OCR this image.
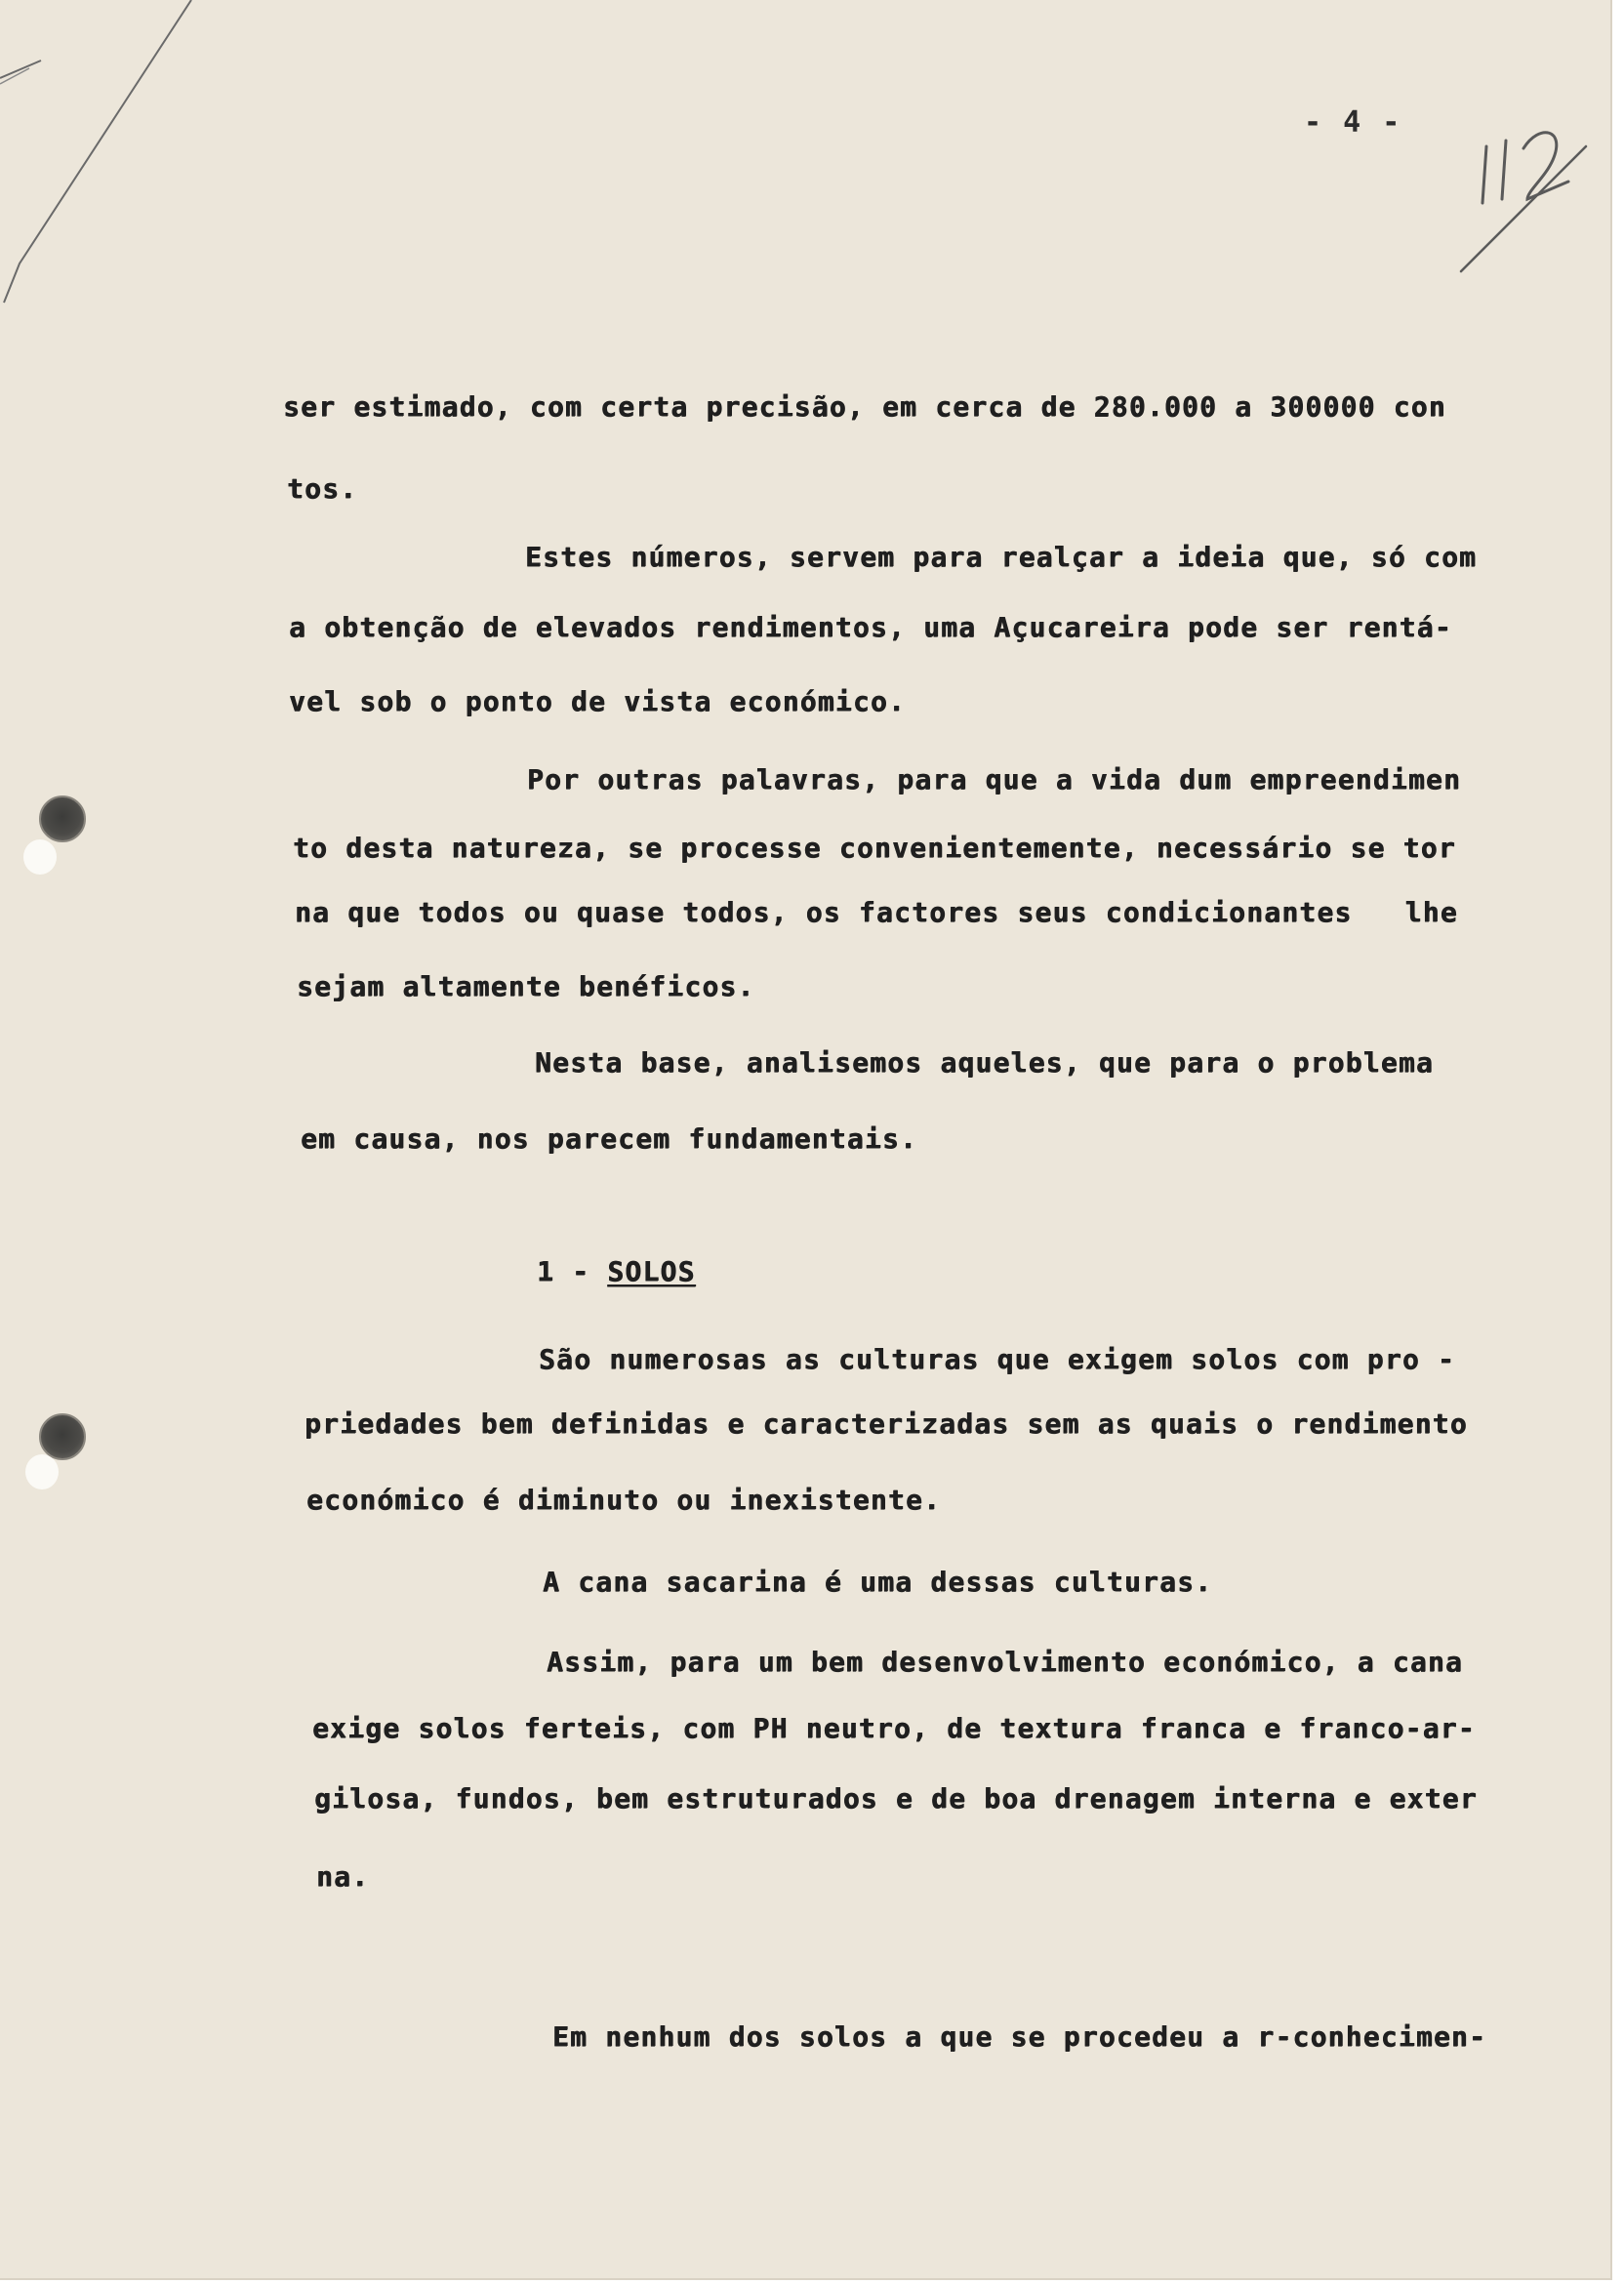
- 4 -

ser estimado, com certa precisão, em cerca de 280.000 a 300000 con

tos.

Estes números, servem para realçar a ideia que, só com

a obtenção de elevados rendimentos, uma Açucareira pode ser rentá-

vel sob o ponto de vista económico.

Por outras palavras, para que a vida dum empreendimen

to desta natureza, se processe convenientemente, necessário se tor

na que todos ou quase todos, os factores seus condicionantes   lhe

sejam altamente benéficos.

Nesta base, analisemos aqueles, que para o problema

em causa, nos parecem fundamentais.

1 - SOLOS

São numerosas as culturas que exigem solos com pro -

priedades bem definidas e caracterizadas sem as quais o rendimento

económico é diminuto ou inexistente.

A cana sacarina é uma dessas culturas.

Assim, para um bem desenvolvimento económico, a cana

exige solos ferteis, com PH neutro, de textura franca e franco-ar-

gilosa, fundos, bem estruturados e de boa drenagem interna e exter

na.

Em nenhum dos solos a que se procedeu a r-conhecimen-
